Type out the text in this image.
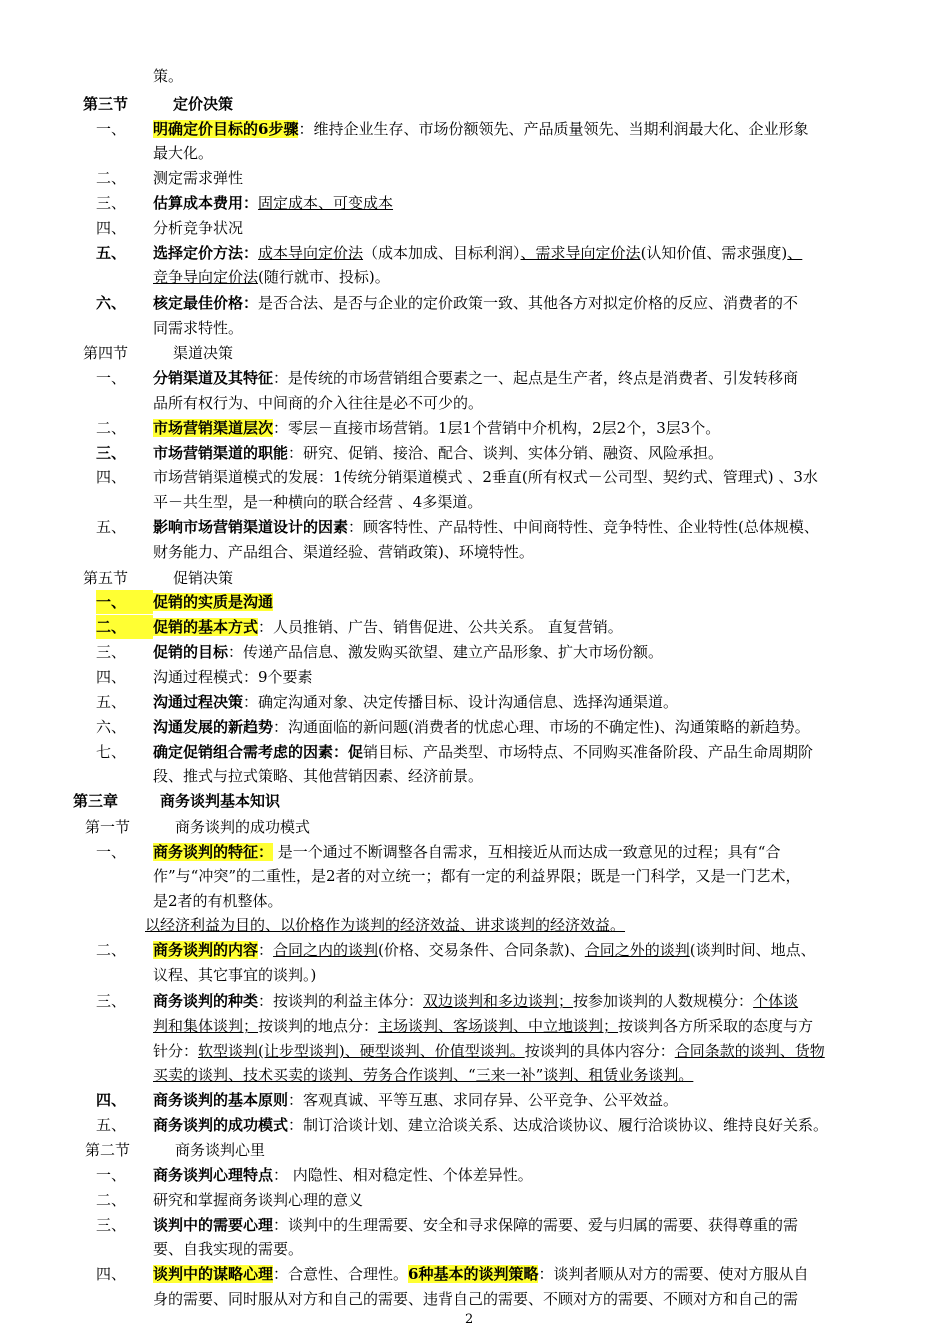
策。
第三节	定价决策
一、	明确定价目标的6步骤：维持企业生存、市场份额领先、产品质量领先、当期利润最大化、企业形象
最大化。
二、	测定需求弹性
三、	估算成本费用：固定成本、可变成本
四、	分析竞争状况
五、	选择定价方法：成本导向定价法（成本加成、目标利润）、需求导向定价法(认知价值、需求强度)、
竞争导向定价法(随行就市、投标)。
六、	核定最佳价格：是否合法、是否与企业的定价政策一致、其他各方对拟定价格的反应、消费者的不
同需求特性。
第四节	渠道决策
一、	分销渠道及其特征：是传统的市场营销组合要素之一、起点是生产者，终点是消费者、引发转移商
品所有权行为、中间商的介入往往是必不可少的。
二、	市场营销渠道层次：零层－直接市场营销。1层1个营销中介机构，2层2个，3层3个。
三、	市场营销渠道的职能：研究、促销、接洽、配合、谈判、实体分销、融资、风险承担。
四、	市场营销渠道模式的发展：1传统分销渠道模式 、2垂直(所有权式－公司型、契约式、管理式) 、3水
平－共生型，是一种横向的联合经营 、4多渠道。
五、	影响市场营销渠道设计的因素：顾客特性、产品特性、中间商特性、竞争特性、企业特性(总体规模、
财务能力、产品组合、渠道经验、营销政策)、环境特性。
第五节	促销决策
一、	促销的实质是沟通
二、	促销的基本方式：人员推销、广告、销售促进、公共关系。 直复营销。
三、	促销的目标：传递产品信息、激发购买欲望、建立产品形象、扩大市场份额。
四、	沟通过程模式：9个要素
五、	沟通过程决策：确定沟通对象、决定传播目标、设计沟通信息、选择沟通渠道。
六、	沟通发展的新趋势：沟通面临的新问题(消费者的忧虑心理、市场的不确定性)、沟通策略的新趋势。
七、	确定促销组合需考虑的因素：促销目标、产品类型、市场特点、不同购买准备阶段、产品生命周期阶
段、推式与拉式策略、其他营销因素、经济前景。
第三章	商务谈判基本知识
第一节	商务谈判的成功模式
一、	商务谈判的特征： 是一个通过不断调整各自需求，互相接近从而达成一致意见的过程；具有“合
作”与“冲突”的二重性，是2者的对立统一；都有一定的利益界限；既是一门科学，又是一门艺术，
是2者的有机整体。
以经济利益为目的、以价格作为谈判的经济效益、讲求谈判的经济效益。
二、	商务谈判的内容：合同之内的谈判(价格、交易条件、合同条款)、合同之外的谈判(谈判时间、地点、
议程、其它事宜的谈判。)
三、	商务谈判的种类：按谈判的利益主体分：双边谈判和多边谈判；按参加谈判的人数规模分：个体谈
判和集体谈判；按谈判的地点分：主场谈判、客场谈判、中立地谈判；按谈判各方所采取的态度与方
针分：软型谈判(让步型谈判)、硬型谈判、价值型谈判。按谈判的具体内容分：合同条款的谈判、货物
买卖的谈判、技术买卖的谈判、劳务合作谈判、“三来一补”谈判、租赁业务谈判。
四、	商务谈判的基本原则：客观真诚、平等互惠、求同存异、公平竞争、公平效益。
五、	商务谈判的成功模式：制订洽谈计划、建立洽谈关系、达成洽谈协议、履行洽谈协议、维持良好关系。
第二节	商务谈判心里
一、	商务谈判心理特点： 内隐性、相对稳定性、个体差异性。
二、	研究和掌握商务谈判心理的意义
三、	谈判中的需要心理：谈判中的生理需要、安全和寻求保障的需要、爱与归属的需要、获得尊重的需
要、自我实现的需要。
四、	谈判中的谋略心理：合意性、合理性。6种基本的谈判策略：谈判者顺从对方的需要、使对方服从自
身的需要、同时服从对方和自己的需要、违背自己的需要、不顾对方的需要、不顾对方和自己的需
2
